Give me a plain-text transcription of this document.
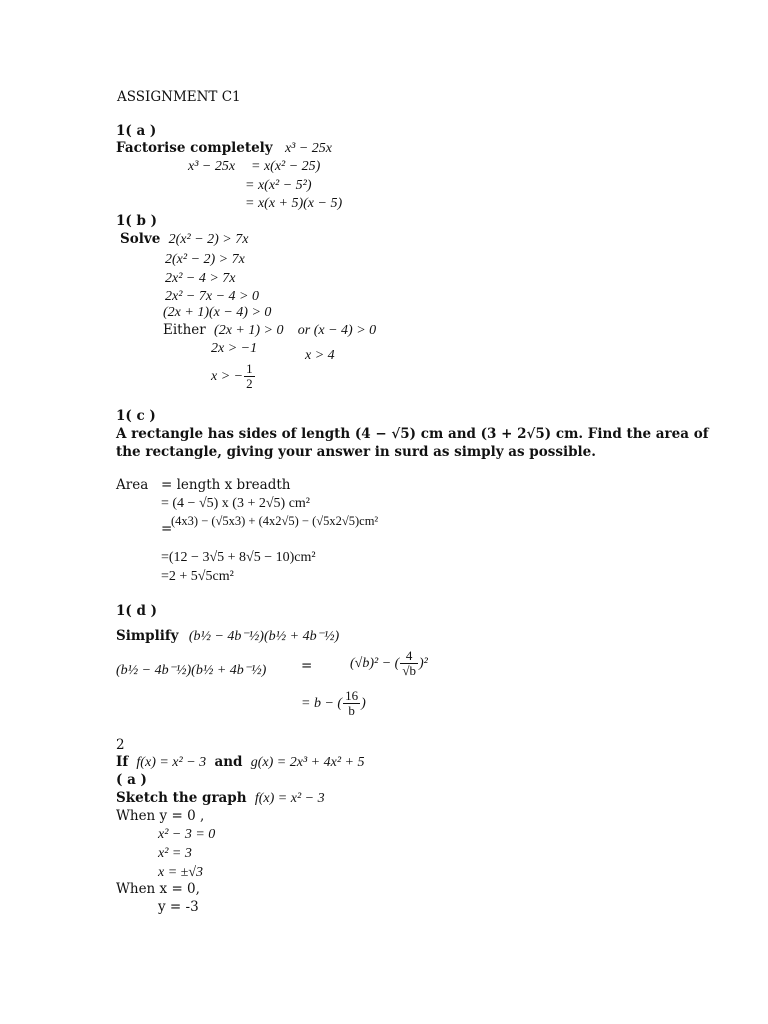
ASSIGNMENT C1
1( a )
Factorise completely x³ − 25x
x³ − 25x = x(x² − 25)
= x(x² − 5²)
= x(x + 5)(x − 5)
1( b )
Solve 2(x² − 2) > 7x
2(x² − 2) > 7x
2x² − 4 > 7x
2x² − 7x − 4 > 0
(2x + 1)(x − 4) > 0
Either (2x + 1) > 0 or (x − 4) > 0
2x > −1	x > 4
x > − $\frac{1}{2}$
1( c )
A rectangle has sides of length (4 − √5) cm and (3 + 2√5) cm. Find the area of
the rectangle, giving your answer in surd as simply as possible.
Area = length x breadth
= (4 − √5) x (3 + 2√5) cm²
=
(4x3) − (√5x3) + (4x2√5) − (√5x2√5)cm²
=(12 − 3√5 + 8√5 − 10)cm²
=2 + 5√5cm²
1( d )
Simplify (b½ − 4b⁻½)(b½ + 4b⁻½)
(b½ − 4b⁻½)(b½ + 4b⁻½)	=	(√b)² − ( $\frac{4}{√b} )^2$
= b − ( $\frac{16}{b}$ )
2
If f(x) = x² − 3 and g(x) = 2x³ + 4x² + 5
( a )
Sketch the graph f(x) = x² − 3
When y = 0 ,
x² − 3 = 0
x² = 3
x = ±√3
When x = 0,
y = -3
